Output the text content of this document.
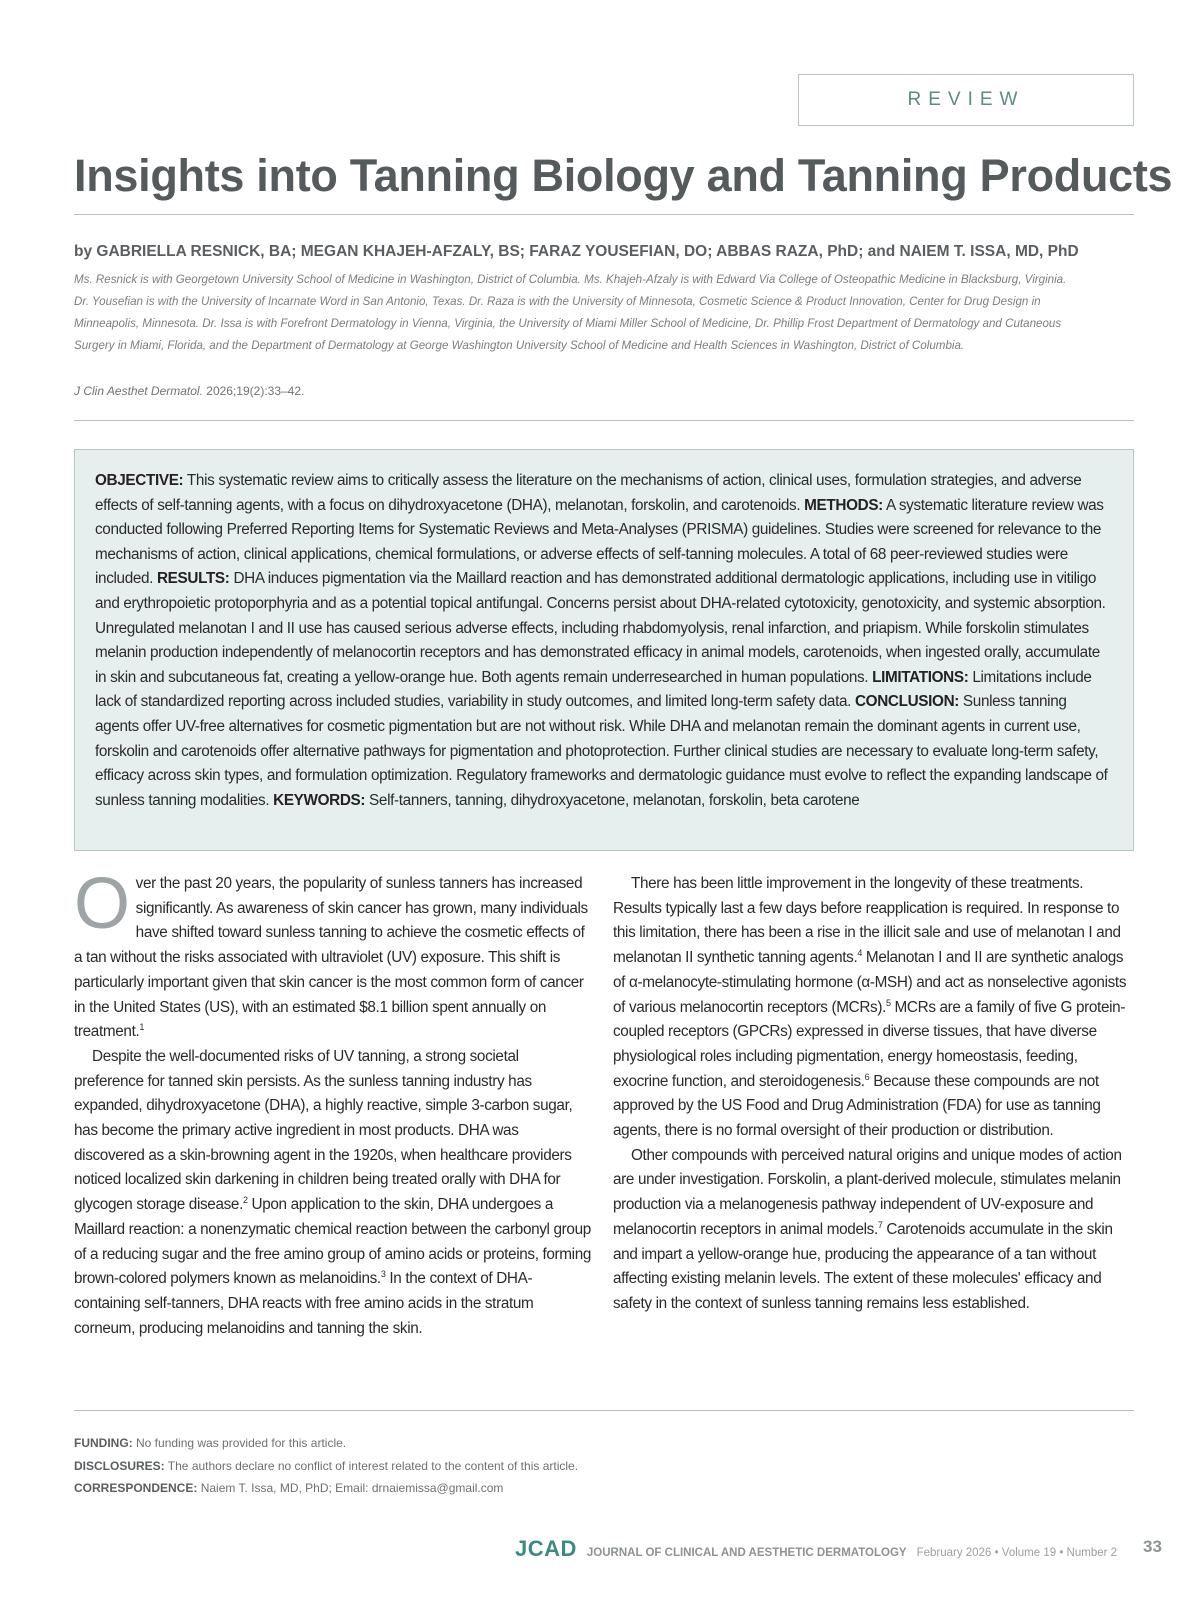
REVIEW
Insights into Tanning Biology and Tanning Products
by GABRIELLA RESNICK, BA; MEGAN KHAJEH-AFZALY, BS; FARAZ YOUSEFIAN, DO; ABBAS RAZA, PhD; and NAIEM T. ISSA, MD, PhD
Ms. Resnick is with Georgetown University School of Medicine in Washington, District of Columbia. Ms. Khajeh-Afzaly is with Edward Via College of Osteopathic Medicine in Blacksburg, Virginia.
Dr. Yousefian is with the University of Incarnate Word in San Antonio, Texas. Dr. Raza is with the University of Minnesota, Cosmetic Science & Product Innovation, Center for Drug Design in
Minneapolis, Minnesota. Dr. Issa is with Forefront Dermatology in Vienna, Virginia, the University of Miami Miller School of Medicine, Dr. Phillip Frost Department of Dermatology and Cutaneous
Surgery in Miami, Florida, and the Department of Dermatology at George Washington University School of Medicine and Health Sciences in Washington, District of Columbia.
J Clin Aesthet Dermatol. 2026;19(2):33–42.
OBJECTIVE: This systematic review aims to critically assess the literature on the mechanisms of action, clinical uses, formulation strategies, and adverse effects of self-tanning agents, with a focus on dihydroxyacetone (DHA), melanotan, forskolin, and carotenoids. METHODS: A systematic literature review was conducted following Preferred Reporting Items for Systematic Reviews and Meta-Analyses (PRISMA) guidelines. Studies were screened for relevance to the mechanisms of action, clinical applications, chemical formulations, or adverse effects of self-tanning molecules. A total of 68 peer-reviewed studies were included. RESULTS: DHA induces pigmentation via the Maillard reaction and has demonstrated additional dermatologic applications, including use in vitiligo and erythropoietic protoporphyria and as a potential topical antifungal. Concerns persist about DHA-related cytotoxicity, genotoxicity, and systemic absorption. Unregulated melanotan I and II use has caused serious adverse effects, including rhabdomyolysis, renal infarction, and priapism. While forskolin stimulates melanin production independently of melanocortin receptors and has demonstrated efficacy in animal models, carotenoids, when ingested orally, accumulate in skin and subcutaneous fat, creating a yellow-orange hue. Both agents remain underresearched in human populations. LIMITATIONS: Limitations include lack of standardized reporting across included studies, variability in study outcomes, and limited long-term safety data. CONCLUSION: Sunless tanning agents offer UV-free alternatives for cosmetic pigmentation but are not without risk. While DHA and melanotan remain the dominant agents in current use, forskolin and carotenoids offer alternative pathways for pigmentation and photoprotection. Further clinical studies are necessary to evaluate long-term safety, efficacy across skin types, and formulation optimization. Regulatory frameworks and dermatologic guidance must evolve to reflect the expanding landscape of sunless tanning modalities. KEYWORDS: Self-tanners, tanning, dihydroxyacetone, melanotan, forskolin, beta carotene

Over the past 20 years, the popularity of sunless tanners has increased significantly. As awareness of skin cancer has grown, many individuals have shifted toward sunless tanning to achieve the cosmetic effects of a tan without the risks associated with ultraviolet (UV) exposure. This shift is particularly important given that skin cancer is the most common form of cancer in the United States (US), with an estimated $8.1 billion spent annually on treatment.$^1$

Despite the well-documented risks of UV tanning, a strong societal preference for tanned skin persists. As the sunless tanning industry has expanded, dihydroxyacetone (DHA), a highly reactive, simple 3-carbon sugar, has become the primary active ingredient in most products. DHA was discovered as a skin-browning agent in the 1920s, when healthcare providers noticed localized skin darkening in children being treated orally with DHA for glycogen storage disease.$^2$ Upon application to the skin, DHA undergoes a Maillard reaction: a nonenzymatic chemical reaction between the carbonyl group of a reducing sugar and the free amino group of amino acids or proteins, forming brown-colored polymers known as melanoidins.$^3$ In the context of DHA-containing self-tanners, DHA reacts with free amino acids in the stratum corneum, producing melanoidins and tanning the skin.

There has been little improvement in the longevity of these treatments. Results typically last a few days before reapplication is required. In response to this limitation, there has been a rise in the illicit sale and use of melanotan I and melanotan II synthetic tanning agents.$^4$ Melanotan I and II are synthetic analogs of α-melanocyte-stimulating hormone (α-MSH) and act as nonselective agonists of various melanocortin receptors (MCRs).$^5$ MCRs are a family of five G protein-coupled receptors (GPCRs) expressed in diverse tissues, that have diverse physiological roles including pigmentation, energy homeostasis, feeding, exocrine function, and steroidogenesis.$^6$ Because these compounds are not approved by the US Food and Drug Administration (FDA) for use as tanning agents, there is no formal oversight of their production or distribution.

Other compounds with perceived natural origins and unique modes of action are under investigation. Forskolin, a plant-derived molecule, stimulates melanin production via a melanogenesis pathway independent of UV-exposure and melanocortin receptors in animal models.$^7$ Carotenoids accumulate in the skin and impart a yellow-orange hue, producing the appearance of a tan without affecting existing melanin levels. The extent of these molecules' efficacy and safety in the context of sunless tanning remains less established.

FUNDING: No funding was provided for this article.
DISCLOSURES: The authors declare no conflict of interest related to the content of this article.
CORRESPONDENCE: Naiem T. Issa, MD, PhD; Email: drnaiemissa@gmail.com
JCAD JOURNAL OF CLINICAL AND AESTHETIC DERMATOLOGY February 2026 • Volume 19 • Number 2 33
